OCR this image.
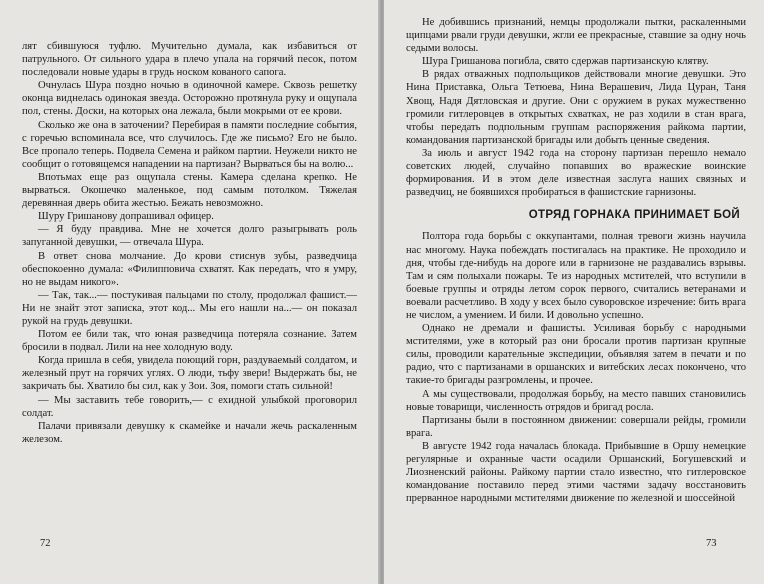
лят сбившуюся туфлю. Мучительно думала, как избавиться от патрульного. От сильного удара в плечо упала на горячий песок, потом последовали новые удары в грудь носком кованого сапога.

Очнулась Шура поздно ночью в одиночной камере. Сквозь решетку оконца виднелась одинокая звезда. Осторожно протянула руку и ощупала пол, стены. Доски, на которых она лежала, были мокрыми от ее крови.

Сколько же она в заточении? Перебирая в памяти последние события, с горечью вспоминала все, что случилось. Где же письмо? Его не было. Все пропало теперь. Подвела Семена и райком партии. Неужели никто не сообщит о готовящемся нападении на партизан? Вырваться бы на волю...

Впотьмах еще раз ощупала стены. Камера сделана крепко. Не вырваться. Окошечко маленькое, под самым потолком. Тяжелая деревянная дверь обита жестью. Бежать невозможно.

Шуру Гришанову допрашивал офицер.

— Я буду правдива. Мне не хочется долго разыгрывать роль запуганной девушки, — отвечала Шура.

В ответ снова молчание. До крови стиснув зубы, разведчица обеспокоенно думала: «Филипповича схватят. Как передать, что я умру, но не выдам никого».

— Так, так...— постукивая пальцами по столу, продолжал фашист.— Ни не знайт этот записка, этот код... Мы его нашли на...— он показал рукой на грудь девушки.

Потом ее били так, что юная разведчица потеряла сознание. Затем бросили в подвал. Лили на нее холодную воду.

Когда пришла в себя, увидела поющий горн, раздуваемый солдатом, и железный прут на горячих углях. О люди, тьфу звери! Выдержать бы, не закричать бы. Хватило бы сил, как у Зои. Зоя, помоги стать сильной!

— Мы заставить тебе говорить,— с ехидной улыбкой проговорил солдат.

Палачи привязали девушку к скамейке и начали жечь раскаленным железом.

72

Не добившись признаний, немцы продолжали пытки, раскаленными щипцами рвали груди девушки, жгли ее прекрасные, ставшие за одну ночь седыми волосы.

Шура Гришанова погибла, свято сдержав партизанскую клятву.

В рядах отважных подпольщиков действовали многие девушки. Это Нина Приставка, Ольга Тетюева, Нина Верашевич, Лида Цуран, Таня Хвощ, Надя Дятловская и другие. Они с оружием в руках мужественно громили гитлеровцев в открытых схватках, не раз ходили в стан врага, чтобы передать подпольным группам распоряжения райкома партии, командования партизанской бригады или добыть ценные сведения.

За июль и август 1942 года на сторону партизан перешло немало советских людей, случайно попавших во вражеские воинские формирования. И в этом деле известная заслуга наших связных и разведчиц, не боявшихся пробираться в фашистские гарнизоны.

ОТРЯД ГОРНАКА ПРИНИМАЕТ БОЙ

Полтора года борьбы с оккупантами, полная тревоги жизнь научила нас многому. Наука побеждать постигалась на практике. Не проходило и дня, чтобы где-нибудь на дороге или в гарнизоне не раздавались взрывы. Там и сям полыхали пожары. Те из народных мстителей, что вступили в боевые группы и отряды летом сорок первого, считались ветеранами и воевали расчетливо. В ходу у всех было суворовское изречение: бить врага не числом, а умением. И били. И довольно успешно.

Однако не дремали и фашисты. Усиливая борьбу с народными мстителями, уже в который раз они бросали против партизан крупные силы, проводили карательные экспедиции, объявляя затем в печати и по радио, что с партизанами в оршанских и витебских лесах покончено, что такие-то бригады разгромлены, и прочее.

А мы существовали, продолжая борьбу, на место павших становились новые товарищи, численность отрядов и бригад росла.

Партизаны были в постоянном движении: совершали рейды, громили врага.

В августе 1942 года началась блокада. Прибывшие в Оршу немецкие регулярные и охранные части осадили Оршанский, Богушевский и Лиозненский районы. Райкому партии стало известно, что гитлеровское командование поставило перед этими частями задачу восстановить прерванное народными мстителями движение по железной и шоссейной

73
